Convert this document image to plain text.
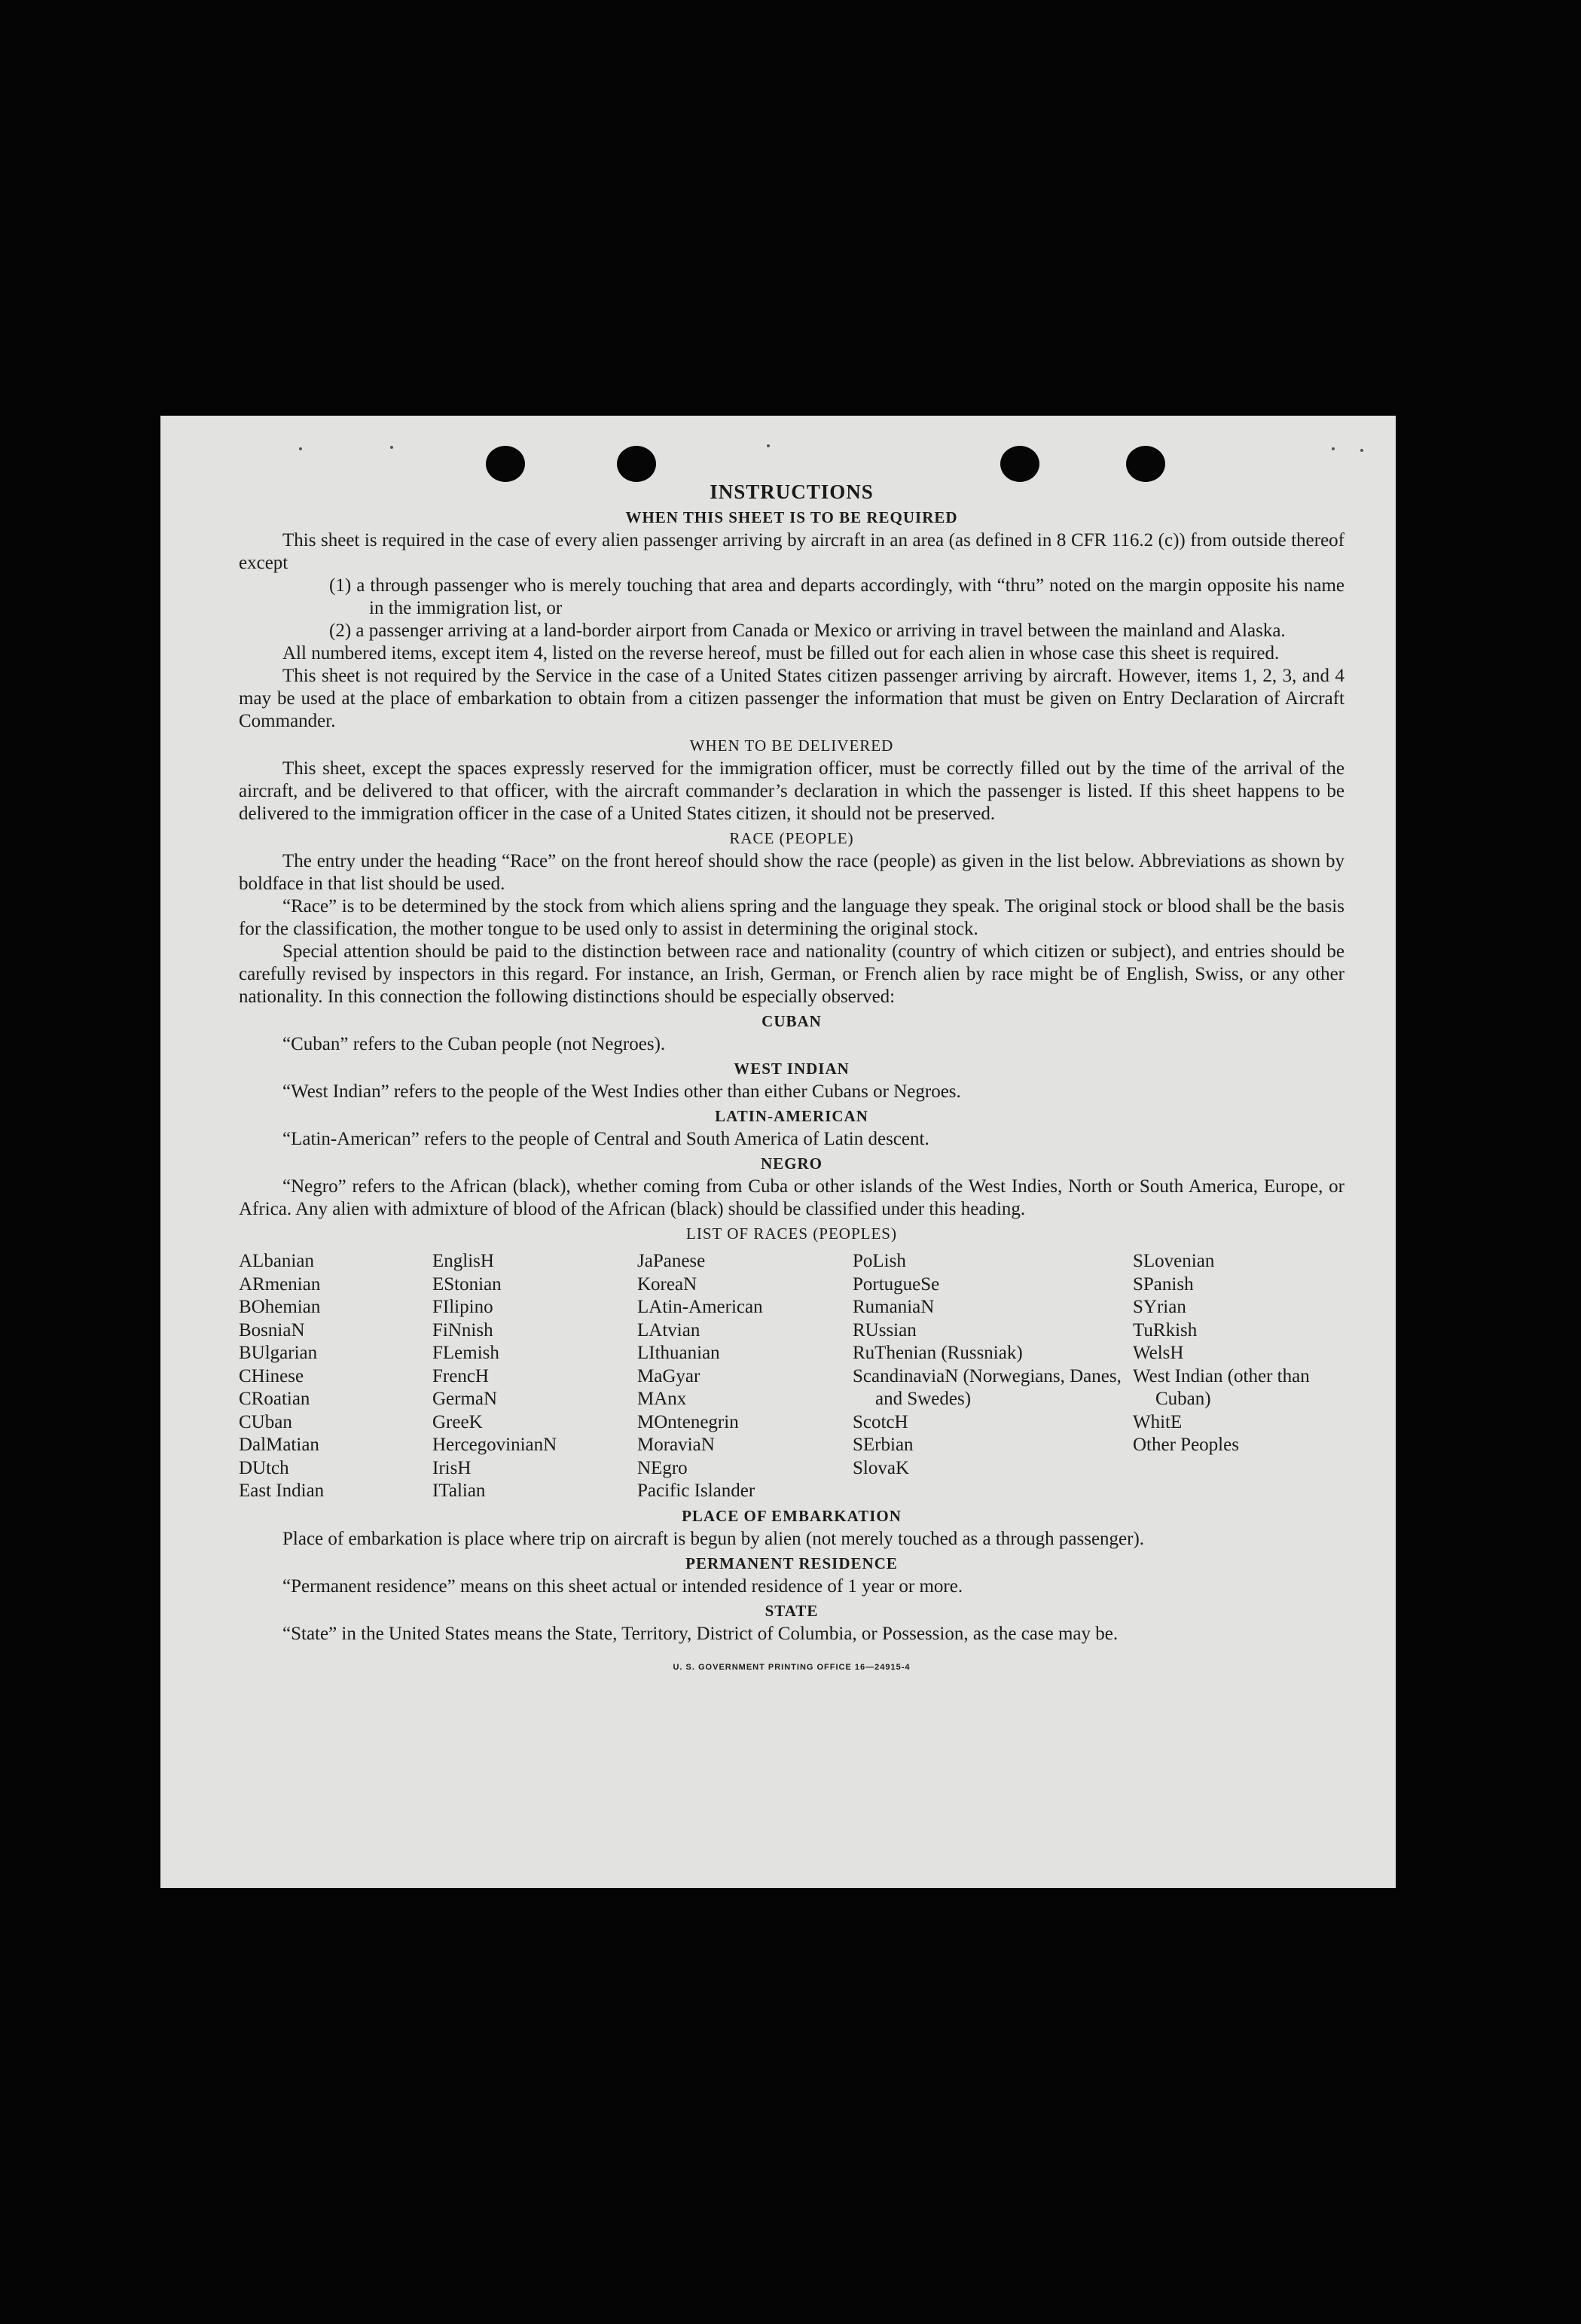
INSTRUCTIONS
WHEN THIS SHEET IS TO BE REQUIRED

This sheet is required in the case of every alien passenger arriving by aircraft in an area (as defined in 8 CFR 116.2 (c)) from outside thereof except

(1) a through passenger who is merely touching that area and departs accordingly, with “thru” noted on the margin opposite his name in the immigration list, or

(2) a passenger arriving at a land-border airport from Canada or Mexico or arriving in travel between the mainland and Alaska.

All numbered items, except item 4, listed on the reverse hereof, must be filled out for each alien in whose case this sheet is required.

This sheet is not required by the Service in the case of a United States citizen passenger arriving by aircraft. However, items 1, 2, 3, and 4 may be used at the place of embarkation to obtain from a citizen passenger the information that must be given on Entry Declaration of Aircraft Commander.

WHEN TO BE DELIVERED

This sheet, except the spaces expressly reserved for the immigration officer, must be correctly filled out by the time of the arrival of the aircraft, and be delivered to that officer, with the aircraft commander’s declaration in which the passenger is listed. If this sheet happens to be delivered to the immigration officer in the case of a United States citizen, it should not be preserved.

RACE (PEOPLE)

The entry under the heading “Race” on the front hereof should show the race (people) as given in the list below. Abbreviations as shown by boldface in that list should be used.

“Race” is to be determined by the stock from which aliens spring and the language they speak. The original stock or blood shall be the basis for the classification, the mother tongue to be used only to assist in determining the original stock.

Special attention should be paid to the distinction between race and nationality (country of which citizen or subject), and entries should be carefully revised by inspectors in this regard. For instance, an Irish, German, or French alien by race might be of English, Swiss, or any other nationality. In this connection the following distinctions should be especially observed:

CUBAN

“Cuban” refers to the Cuban people (not Negroes).

WEST INDIAN

“West Indian” refers to the people of the West Indies other than either Cubans or Negroes.

LATIN-AMERICAN

“Latin-American” refers to the people of Central and South America of Latin descent.

NEGRO

“Negro” refers to the African (black), whether coming from Cuba or other islands of the West Indies, North or South America, Europe, or Africa. Any alien with admixture of blood of the African (black) should be classified under this heading.

LIST OF RACES (PEOPLES)
ALbanian
ARmenian
BOhemian
BosniaN
BUlgarian
CHinese
CRoatian
CUban
DalMatian
DUtch
East Indian
EnglisH
EStonian
FIlipino
FiNnish
FLemish
FrencH
GermaN
GreeK
HercegovinianN
IrisH
ITalian
JaPanese
KoreaN
LAtin-American
LAtvian
LIthuanian
MaGyar
MAnx
MOntenegrin
MoraviaN
NEgro
Pacific Islander
PoLish
PortugueSe
RumaniaN
RUssian
RuThenian (Russniak)
ScandinaviaN (Norwegians, Danes, and Swedes)
ScotcH
SErbian
SlovaK
SLovenian
SPanish
SYrian
TuRkish
WelsH
West Indian (other than Cuban)
WhitE
Other Peoples
PLACE OF EMBARKATION

Place of embarkation is place where trip on aircraft is begun by alien (not merely touched as a through passenger).

PERMANENT RESIDENCE

“Permanent residence” means on this sheet actual or intended residence of 1 year or more.

STATE

“State” in the United States means the State, Territory, District of Columbia, or Possession, as the case may be.

U. S. GOVERNMENT PRINTING OFFICE 16—24915-4
